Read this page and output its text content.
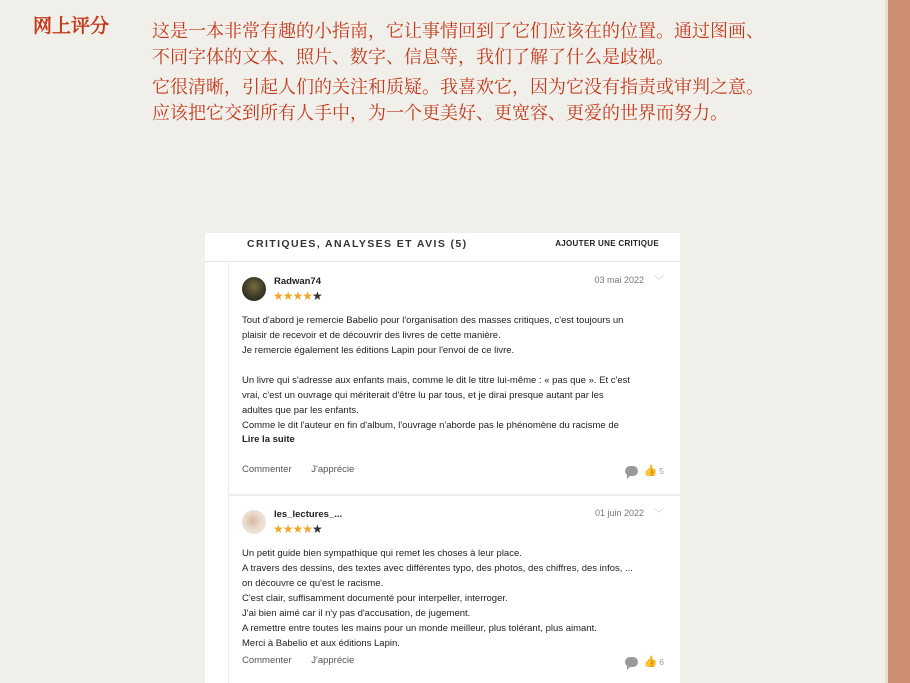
网上评分 这是一本非常有趣的小指南，它让事情回到了它们应该在的位置。通过图画、不同字体的文本、照片、数字、信息等，我们了解了什么是歧视。

它很清晰，引起人们的关注和质疑。我喜欢它，因为它没有指责或审判之意。应该把它交到所有人手中，为一个更美好、更宽容、更爱的世界而努力。

CRITIQUES, ANALYSES ET AVIS (5)	AJOUTER UNE CRITIQUE
Radwan74
★★★★★
03 mai 2022 ﹀
Tout d'abord je remercie Babelio pour l'organisation des masses critiques, c'est toujours un
plaisir de recevoir et de découvrir des livres de cette manière.
Je remercie également les éditions Lapin pour l'envoi de ce livre.

Un livre qui s'adresse aux enfants mais, comme le dit le titre lui-même : « pas que ». Et c'est
vrai, c'est un ouvrage qui mériterait d'être lu par tous, et je dirai presque autant par les
adultes que par les enfants.
Comme le dit l'auteur en fin d'album, l'ouvrage n'aborde pas le phénomène du racisme de
Lire la suite
Commenter J'apprécie	👍 5
les_lectures_...
★★★★★
01 juin 2022 ﹀
Un petit guide bien sympathique qui remet les choses à leur place.
A travers des dessins, des textes avec différentes typo, des photos, des chiffres, des infos, ...
on découvre ce qu'est le racisme.
C'est clair, suffisamment documenté pour interpeller, interroger.
J'ai bien aimé car il n'y pas d'accusation, de jugement.
A remettre entre toutes les mains pour un monde meilleur, plus tolérant, plus aimant.
Merci à Babelio et aux éditions Lapin.
Commenter J'apprécie	👍 6
